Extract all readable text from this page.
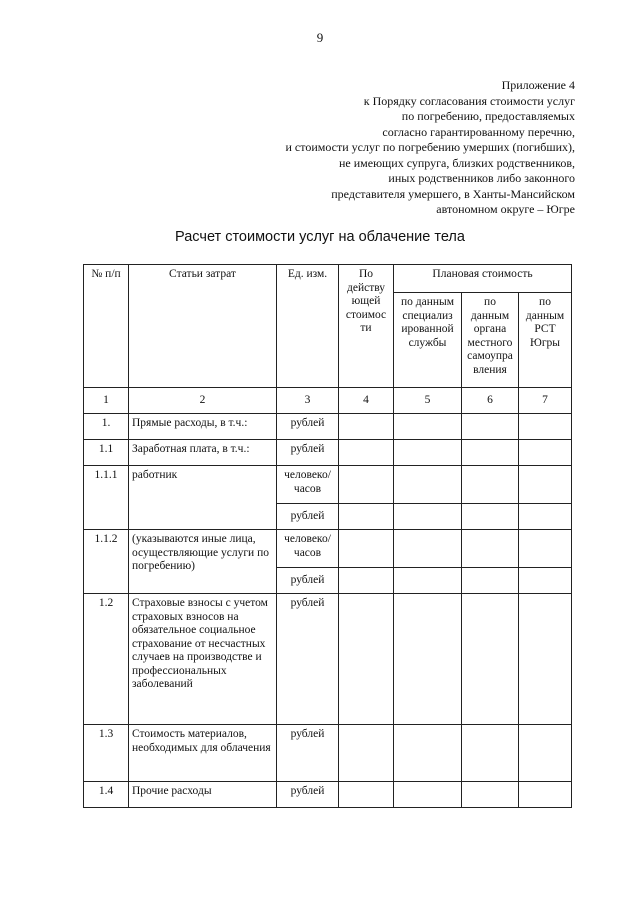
9
Приложение 4
к Порядку согласования стоимости услуг
по погребению, предоставляемых
согласно гарантированному перечню,
и стоимости услуг по погребению умерших (погибших),
не имеющих супруга, близких родственников,
иных родственников либо законного
представителя умершего, в Ханты-Мансийском
автономном округе – Югре
Расчет стоимости услуг на облачение тела
№ п/п	Статьи затрат	Ед. изм.	По действу ющей стоимос ти	Плановая стоимость		
				по данным специализ ированной службы	по данным органа местного самоупра вления	по данным РСТ Югры
1	2	3	4	5	6	7
1.	Прямые расходы, в т.ч.:	рублей				
1.1	Заработная плата, в т.ч.:	рублей				
1.1.1	работник	человеко/ часов				
		рублей				
1.1.2	(указываются иные лица, осуществляющие услуги по погребению)	человеко/ часов				
		рублей				
1.2	Страховые взносы с учетом страховых взносов на обязательное социальное страхование от несчастных случаев на производстве и профессиональных заболеваний	рублей				
1.3	Стоимость материалов, необходимых для облачения	рублей				
1.4	Прочие расходы	рублей				
